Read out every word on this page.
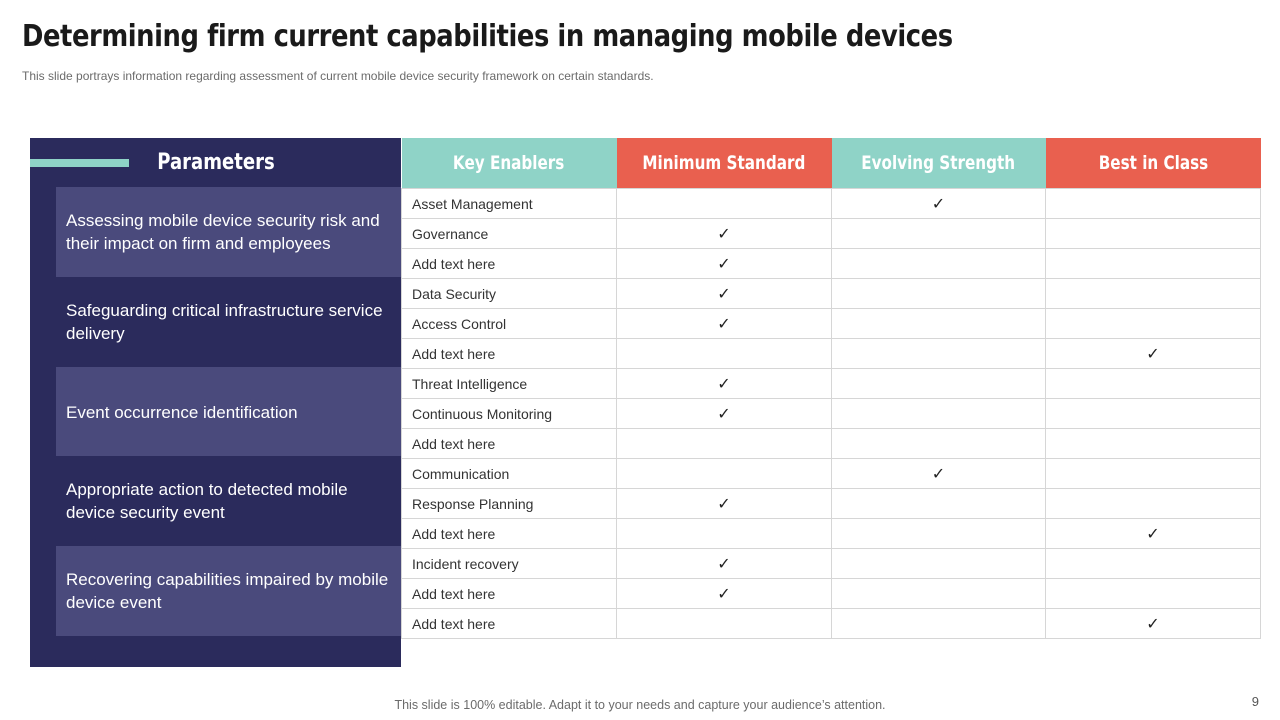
Determining firm current capabilities in managing mobile devices
This slide portrays information regarding assessment of current mobile device security framework on certain standards.
Parameters
Assessing mobile device security risk and their impact on firm and employees
Safeguarding critical infrastructure service delivery
Event occurrence identification
Appropriate action to detected mobile device security event
Recovering capabilities impaired by mobile device event
Key Enablers	Minimum Standard	Evolving Strength	Best in Class
Asset Management		✓	
Governance	✓		
Add text here	✓		
Data Security	✓		
Access Control	✓		
Add text here			✓
Threat Intelligence	✓		
Continuous Monitoring	✓		
Add text here			
Communication		✓	
Response Planning	✓		
Add text here			✓
Incident recovery	✓		
Add text here	✓		
Add text here			✓
This slide is 100% editable. Adapt it to your needs and capture your audience’s attention.	9
